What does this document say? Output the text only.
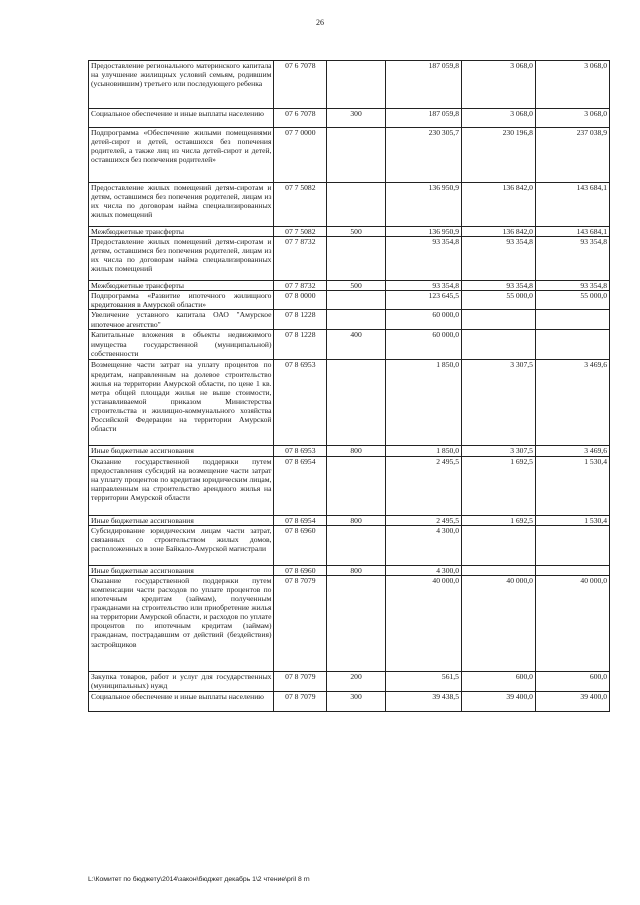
26
Предоставление регионального материнского капитала на улучшение жилищных условий семьям, родившим (усыновившим) третьего или последующего ребенка	07 6 7078		187 059,8	3 068,0	3 068,0
Социальное обеспечение и иные выплаты населению	07 6 7078	300	187 059,8	3 068,0	3 068,0
Подпрограмма «Обеспечение жилыми помещениями детей-сирот и детей, оставшихся без попечения родителей, а также лиц из числа детей-сирот и детей, оставшихся без попечения родителей»	07 7 0000		230 305,7	230 196,8	237 038,9
Предоставление жилых помещений детям-сиротам и детям, оставшимся без попечения родителей, лицам из их числа по договорам найма специализированных жилых помещений	07 7 5082		136 950,9	136 842,0	143 684,1
Межбюджетные трансферты	07 7 5082	500	136 950,9	136 842,0	143 684,1
Предоставление жилых помещений детям-сиротам и детям, оставшимся без попечения родителей, лицам из их числа по договорам найма специализированных жилых помещений	07 7 8732		93 354,8	93 354,8	93 354,8
Межбюджетные трансферты	07 7 8732	500	93 354,8	93 354,8	93 354,8
Подпрограмма «Развитие ипотечного жилищного кредитования в Амурской области»	07 8 0000		123 645,5	55 000,0	55 000,0
Увеличение уставного капитала ОАО "Амурское ипотечное агентство"	07 8 1228		60 000,0		
Капитальные вложения в объекты недвижимого имущества государственной (муниципальной) собственности	07 8 1228	400	60 000,0		
Возмещение части затрат на уплату процентов по кредитам, направленным на долевое строительство жилья на территории Амурской области, по цене 1 кв. метра общей площади жилья не выше стоимости, устанавливаемой приказом Министерства строительства и жилищно-коммунального хозяйства Российской Федерации на территории Амурской области	07 8 6953		1 850,0	3 307,5	3 469,6
Иные бюджетные ассигнования	07 8 6953	800	1 850,0	3 307,5	3 469,6
Оказание государственной поддержки путем предоставления субсидий на возмещение части затрат на уплату процентов по кредитам юридическим лицам, направленным на строительство арендного жилья на территории Амурской области	07 8 6954		2 495,5	1 692,5	1 530,4
Иные бюджетные ассигнования	07 8 6954	800	2 495,5	1 692,5	1 530,4
Субсидирование юридическим лицам части затрат, связанных со строительством жилых домов, расположенных в зоне Байкало-Амурской магистрали	07 8 6960		4 300,0		
Иные бюджетные ассигнования	07 8 6960	800	4 300,0		
Оказание государственной поддержки путем компенсации части расходов по уплате процентов по ипотечным кредитам (займам), полученным гражданами на строительство или приобретение жилья на территории Амурской области, и расходов по уплате процентов по ипотечным кредитам (займам) гражданам, пострадавшим от действий (бездействия) застройщиков	07 8 7079		40 000,0	40 000,0	40 000,0
Закупка товаров, работ и услуг для государственных (муниципальных) нужд	07 8 7079	200	561,5	600,0	600,0
Социальное обеспечение и иные выплаты населению	07 8 7079	300	39 438,5	39 400,0	39 400,0
L:\Комитет по бюджету\2014\закон\бюджет декабрь 1\2 чтение\pril 8 rn
